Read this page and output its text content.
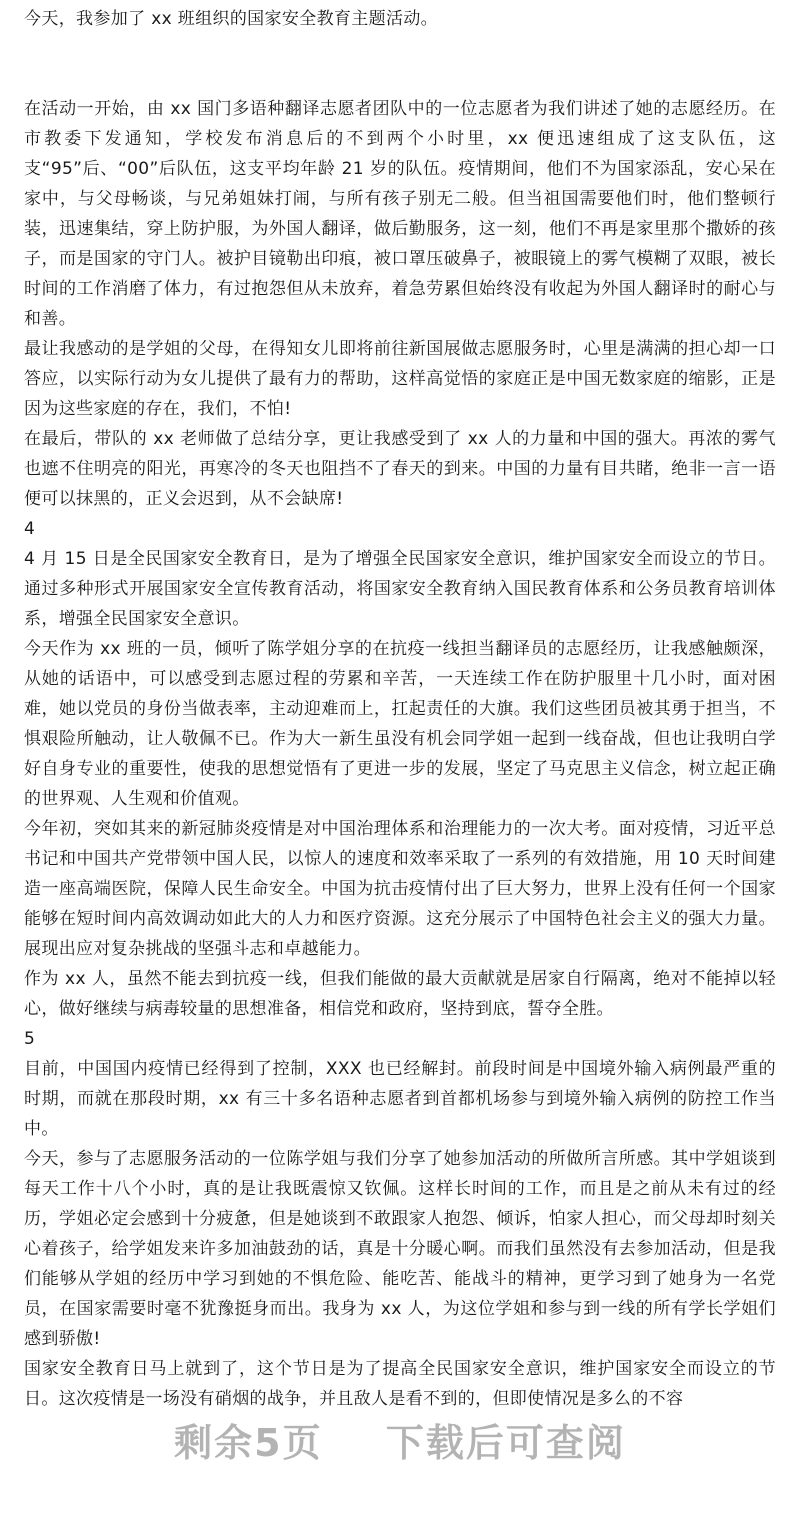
今天，我参加了 xx 班组织的国家安全教育主题活动。

在活动一开始，由 xx 国门多语种翻译志愿者团队中的一位志愿者为我们讲述了她的志愿经历。在市教委下发通知，学校发布消息后的不到两个小时里，xx 便迅速组成了这支队伍，这支“95”后、“00”后队伍，这支平均年龄 21 岁的队伍。疫情期间，他们不为国家添乱，安心呆在家中，与父母畅谈，与兄弟姐妹打闹，与所有孩子别无二般。但当祖国需要他们时，他们整顿行装，迅速集结，穿上防护服，为外国人翻译，做后勤服务，这一刻，他们不再是家里那个撒娇的孩子，而是国家的守门人。被护目镜勒出印痕，被口罩压破鼻子，被眼镜上的雾气模糊了双眼，被长时间的工作消磨了体力，有过抱怨但从未放弃，着急劳累但始终没有收起为外国人翻译时的耐心与和善。

最让我感动的是学姐的父母，在得知女儿即将前往新国展做志愿服务时，心里是满满的担心却一口答应，以实际行动为女儿提供了最有力的帮助，这样高觉悟的家庭正是中国无数家庭的缩影，正是因为这些家庭的存在，我们，不怕!

在最后，带队的 xx 老师做了总结分享，更让我感受到了 xx 人的力量和中国的强大。再浓的雾气也遮不住明亮的阳光，再寒冷的冬天也阻挡不了春天的到来。中国的力量有目共睹，绝非一言一语便可以抹黑的，正义会迟到，从不会缺席!

4

4 月 15 日是全民国家安全教育日，是为了增强全民国家安全意识，维护国家安全而设立的节日。通过多种形式开展国家安全宣传教育活动，将国家安全教育纳入国民教育体系和公务员教育培训体系，增强全民国家安全意识。

今天作为 xx 班的一员，倾听了陈学姐分享的在抗疫一线担当翻译员的志愿经历，让我感触颇深，从她的话语中，可以感受到志愿过程的劳累和辛苦，一天连续工作在防护服里十几小时，面对困难，她以党员的身份当做表率，主动迎难而上，扛起责任的大旗。我们这些团员被其勇于担当，不惧艰险所触动，让人敬佩不已。作为大一新生虽没有机会同学姐一起到一线奋战，但也让我明白学好自身专业的重要性，使我的思想觉悟有了更进一步的发展，坚定了马克思主义信念，树立起正确的世界观、人生观和价值观。

今年初，突如其来的新冠肺炎疫情是对中国治理体系和治理能力的一次大考。面对疫情，习近平总书记和中国共产党带领中国人民，以惊人的速度和效率采取了一系列的有效措施，用 10 天时间建造一座高端医院，保障人民生命安全。中国为抗击疫情付出了巨大努力，世界上没有任何一个国家能够在短时间内高效调动如此大的人力和医疗资源。这充分展示了中国特色社会主义的强大力量。展现出应对复杂挑战的坚强斗志和卓越能力。

作为 xx 人，虽然不能去到抗疫一线，但我们能做的最大贡献就是居家自行隔离，绝对不能掉以轻心，做好继续与病毒较量的思想准备，相信党和政府，坚持到底，誓夺全胜。

5

目前，中国国内疫情已经得到了控制，XXX 也已经解封。前段时间是中国境外输入病例最严重的时期，而就在那段时期，xx 有三十多名语种志愿者到首都机场参与到境外输入病例的防控工作当中。

今天，参与了志愿服务活动的一位陈学姐与我们分享了她参加活动的所做所言所感。其中学姐谈到每天工作十八个小时，真的是让我既震惊又钦佩。这样长时间的工作，而且是之前从未有过的经历，学姐必定会感到十分疲惫，但是她谈到不敢跟家人抱怨、倾诉，怕家人担心，而父母却时刻关心着孩子，给学姐发来许多加油鼓劲的话，真是十分暖心啊。而我们虽然没有去参加活动，但是我们能够从学姐的经历中学习到她的不惧危险、能吃苦、能战斗的精神，更学习到了她身为一名党员，在国家需要时毫不犹豫挺身而出。我身为 xx 人，为这位学姐和参与到一线的所有学长学姐们感到骄傲!

国家安全教育日马上就到了，这个节日是为了提高全民国家安全意识，维护国家安全而设立的节日。这次疫情是一场没有硝烟的战争，并且敌人是看不到的，但即使情况是多么的不容

剩余5页 下载后可查阅
